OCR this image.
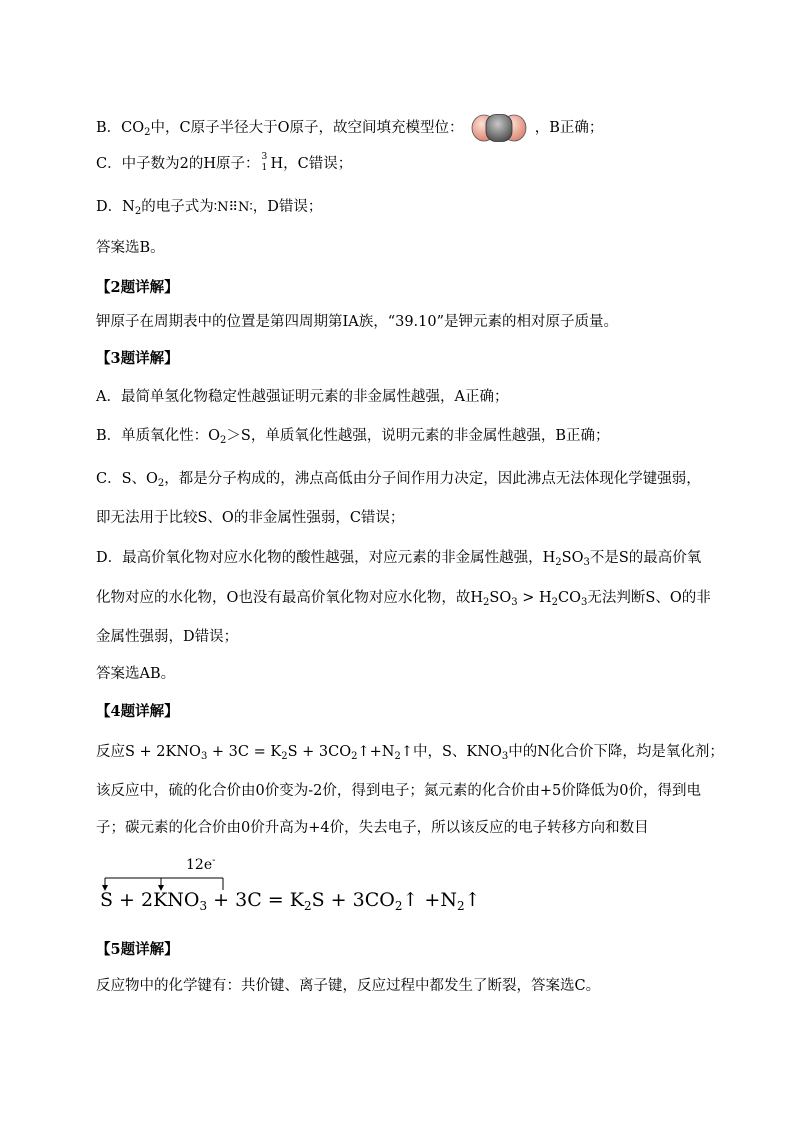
B．$CO_2$中，C原子半径大于O原子，故空间填充模型位：	，B正确；
C．中子数为2的H原子： 3
1 H，C错误；
D．$N_2$的电子式为∶N⠿N∶，D错误；
答案选B。
【2题详解】
钾原子在周期表中的位置是第四周期第ⅠA族，“39.10”是钾元素的相对原子质量。
【3题详解】
A．最简单氢化物稳定性越强证明元素的非金属性越强，A正确；
B．单质氧化性：$O_2>S$，单质氧化性越强，说明元素的非金属性越强，B正确；
C．S、$O_2$，都是分子构成的，沸点高低由分子间作用力决定，因此沸点无法体现化学键强弱，
即无法用于比较S、O的非金属性强弱，C错误；
D．最高价氧化物对应水化物的酸性越强，对应元素的非金属性越强，$H_2SO_3$不是S的最高价氧
化物对应的水化物，O也没有最高价氧化物对应水化物，故$H_2SO_3 > H_2CO_3$无法判断S、O的非
金属性强弱，D错误；
答案选AB。
【4题详解】
反应$S + 2KNO_3 + 3C = K_2S$ + $3CO_2↑+N_2↑$中，S、$KNO_3$中的N化合价下降，均是氧化剂；
该反应中，硫的化合价由0价变为-2价，得到电子；氮元素的化合价由+5价降低为0价，得到电
子；碳元素的化合价由0价升高为+4价，失去电子，所以该反应的电子转移方向和数目
12e-
$S + 2KNO_3 + 3C = K_2S$ + $3CO_2↑$ $+N_2↑$
【5题详解】
反应物中的化学键有：共价键、离子键，反应过程中都发生了断裂，答案选C。
